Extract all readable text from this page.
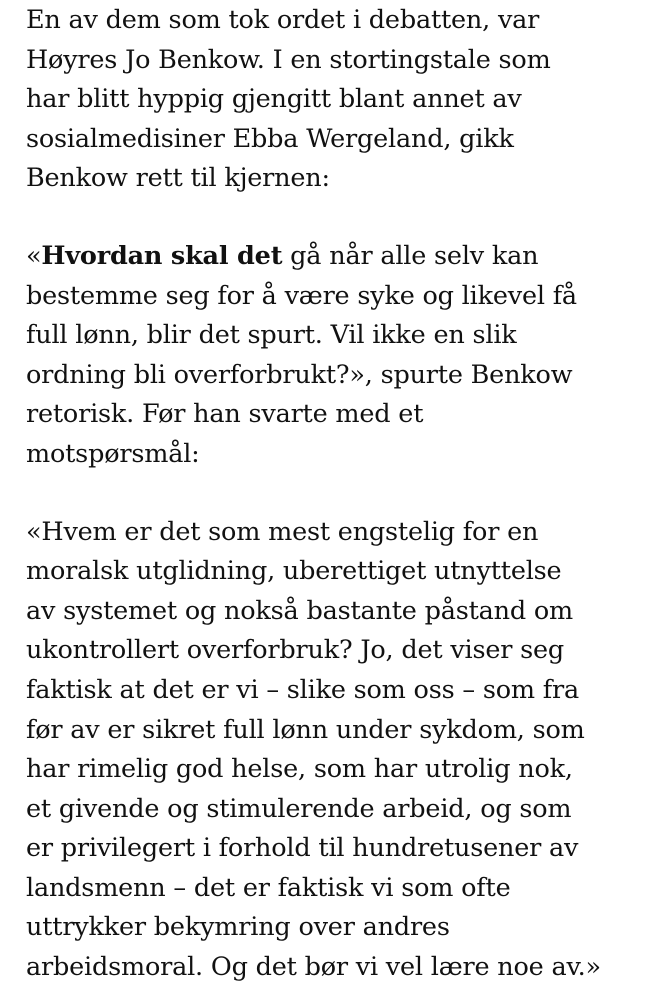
En av dem som tok ordet i debatten, var
Høyres Jo Benkow. I en stortingstale som
har blitt hyppig gjengitt blant annet av
sosialmedisiner Ebba Wergeland, gikk
Benkow rett til kjernen:

«Hvordan skal det gå når alle selv kan
bestemme seg for å være syke og likevel få
full lønn, blir det spurt. Vil ikke en slik
ordning bli overforbrukt?», spurte Benkow
retorisk. Før han svarte med et
motspørsmål:

«Hvem er det som mest engstelig for en
moralsk utglidning, uberettiget utnyttelse
av systemet og nokså bastante påstand om
ukontrollert overforbruk? Jo, det viser seg
faktisk at det er vi – slike som oss – som fra
før av er sikret full lønn under sykdom, som
har rimelig god helse, som har utrolig nok,
et givende og stimulerende arbeid, og som
er privilegert i forhold til hundretusener av
landsmenn – det er faktisk vi som ofte
uttrykker bekymring over andres
arbeidsmoral. Og det bør vi vel lære noe av.»
